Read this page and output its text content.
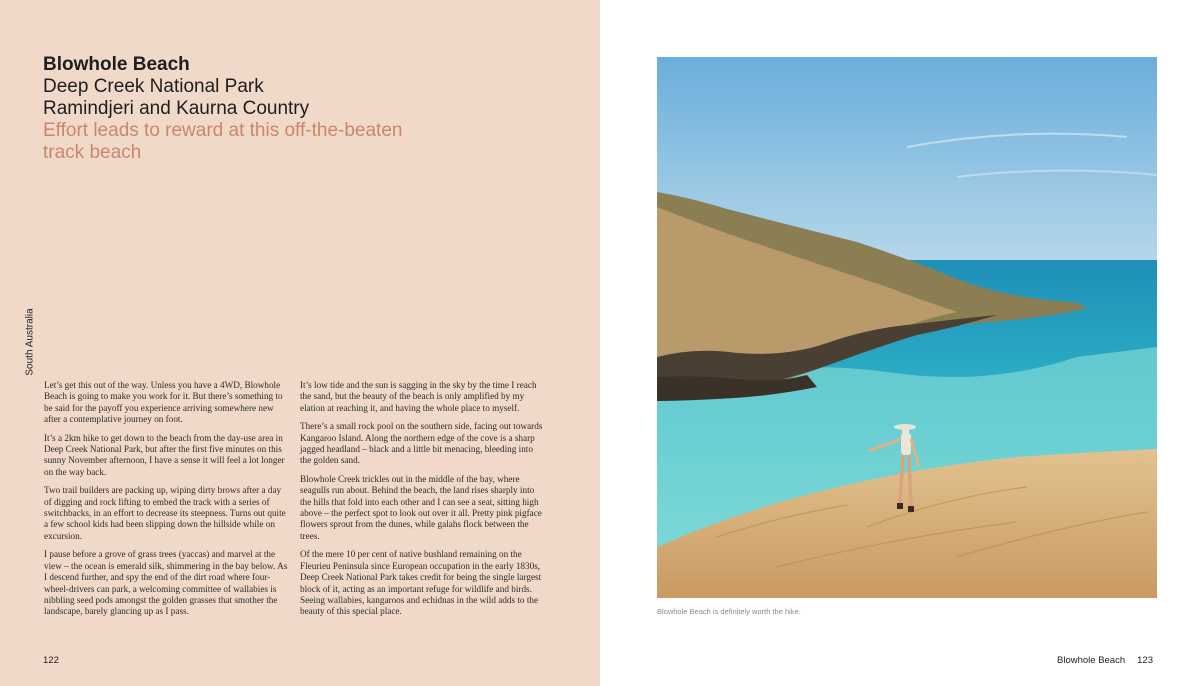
Blowhole Beach

Deep Creek National Park

Ramindjeri and Kaurna Country

Effort leads to reward at this off-the-beaten

track beach

South Australia

Let’s get this out of the way. Unless you have a 4WD, Blowhole Beach is going to make you work for it. But there’s something to be said for the payoff you experience arriving somewhere new after a contemplative journey on foot.

It’s a 2km hike to get down to the beach from the day-use area in Deep Creek National Park, but after the first five minutes on this sunny November afternoon, I have a sense it will feel a lot longer on the way back.

Two trail builders are packing up, wiping dirty brows after a day of digging and rock lifting to embed the track with a series of switchbacks, in an effort to decrease its steepness. Turns out quite a few school kids had been slipping down the hillside while on excursion.

I pause before a grove of grass trees (yaccas) and marvel at the view – the ocean is emerald silk, shimmering in the bay below. As I descend further, and spy the end of the dirt road where four-wheel-drivers can park, a welcoming committee of wallabies is nibbling seed pods amongst the golden grasses that smother the landscape, barely glancing up as I pass.

It’s low tide and the sun is sagging in the sky by the time I reach the sand, but the beauty of the beach is only amplified by my elation at reaching it, and having the whole place to myself.

There’s a small rock pool on the southern side, facing out towards Kangaroo Island. Along the northern edge of the cove is a sharp jagged headland – black and a little bit menacing, bleeding into the golden sand.

Blowhole Creek trickles out in the middle of the bay, where seagulls run about. Behind the beach, the land rises sharply into the hills that fold into each other and I can see a seat, sitting high above – the perfect spot to look out over it all. Pretty pink pigface flowers sprout from the dunes, while galahs flock between the trees.

Of the mere 10 per cent of native bushland remaining on the Fleurieu Peninsula since European occupation in the early 1830s, Deep Creek National Park takes credit for being the single largest block of it, acting as an important refuge for wildlife and birds. Seeing wallabies, kangaroos and echidnas in the wild adds to the beauty of this special place.

122
Blowhole Beach is definitely worth the hike.
Blowhole Beach 123
